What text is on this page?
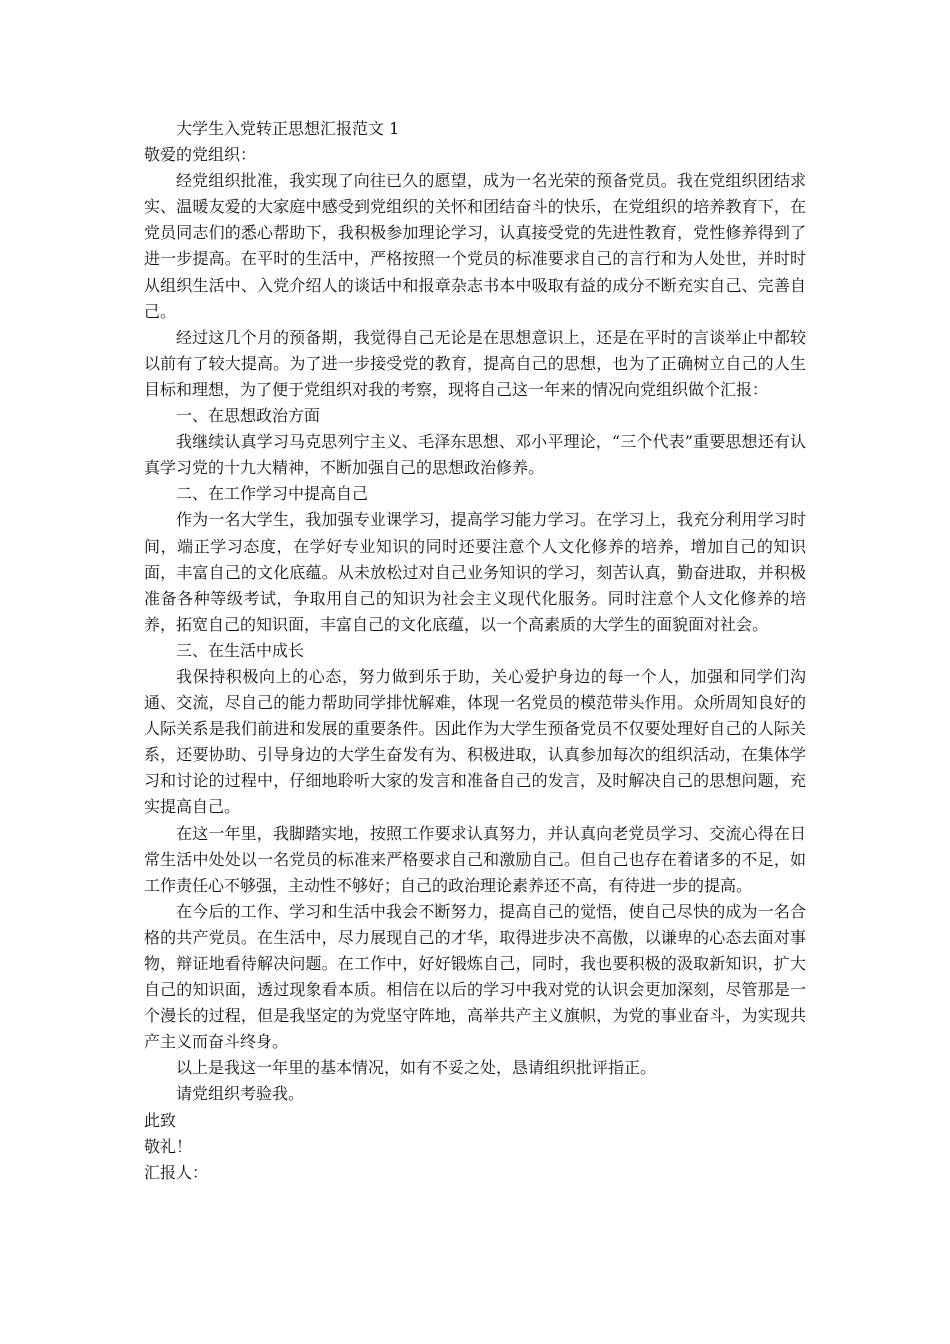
大学生入党转正思想汇报范文 1

敬爱的党组织：

经党组织批准，我实现了向往已久的愿望，成为一名光荣的预备党员。我在党组织团结求实、温暖友爱的大家庭中感受到党组织的关怀和团结奋斗的快乐，在党组织的培养教育下，在党员同志们的悉心帮助下，我积极参加理论学习，认真接受党的先进性教育，党性修养得到了进一步提高。在平时的生活中，严格按照一个党员的标准要求自己的言行和为人处世，并时时从组织生活中、入党介绍人的谈话中和报章杂志书本中吸取有益的成分不断充实自己、完善自己。

经过这几个月的预备期，我觉得自己无论是在思想意识上，还是在平时的言谈举止中都较以前有了较大提高。为了进一步接受党的教育，提高自己的思想，也为了正确树立自己的人生目标和理想，为了便于党组织对我的考察，现将自己这一年来的情况向党组织做个汇报：

一、在思想政治方面

我继续认真学习马克思列宁主义、毛泽东思想、邓小平理论，“三个代表”重要思想还有认真学习党的十九大精神，不断加强自己的思想政治修养。

二、在工作学习中提高自己

作为一名大学生，我加强专业课学习，提高学习能力学习。在学习上，我充分利用学习时间，端正学习态度，在学好专业知识的同时还要注意个人文化修养的培养，增加自己的知识面，丰富自己的文化底蕴。从未放松过对自己业务知识的学习，刻苦认真，勤奋进取，并积极准备各种等级考试，争取用自己的知识为社会主义现代化服务。同时注意个人文化修养的培养，拓宽自己的知识面，丰富自己的文化底蕴，以一个高素质的大学生的面貌面对社会。

三、在生活中成长

我保持积极向上的心态，努力做到乐于助，关心爱护身边的每一个人，加强和同学们沟通、交流，尽自己的能力帮助同学排忧解难，体现一名党员的模范带头作用。众所周知良好的人际关系是我们前进和发展的重要条件。因此作为大学生预备党员不仅要处理好自己的人际关系，还要协助、引导身边的大学生奋发有为、积极进取，认真参加每次的组织活动，在集体学习和讨论的过程中，仔细地聆听大家的发言和准备自己的发言，及时解决自己的思想问题，充实提高自己。

在这一年里，我脚踏实地，按照工作要求认真努力，并认真向老党员学习、交流心得在日常生活中处处以一名党员的标准来严格要求自己和激励自己。但自己也存在着诸多的不足，如工作责任心不够强，主动性不够好；自己的政治理论素养还不高，有待进一步的提高。

在今后的工作、学习和生活中我会不断努力，提高自己的觉悟，使自己尽快的成为一名合格的共产党员。在生活中，尽力展现自己的才华，取得进步决不高傲，以谦卑的心态去面对事物，辩证地看待解决问题。在工作中，好好锻炼自己，同时，我也要积极的汲取新知识，扩大自己的知识面，透过现象看本质。相信在以后的学习中我对党的认识会更加深刻，尽管那是一个漫长的过程，但是我坚定的为党坚守阵地，高举共产主义旗帜，为党的事业奋斗，为实现共产主义而奋斗终身。

以上是我这一年里的基本情况，如有不妥之处，恳请组织批评指正。

请党组织考验我。

此致

敬礼！

汇报人：
